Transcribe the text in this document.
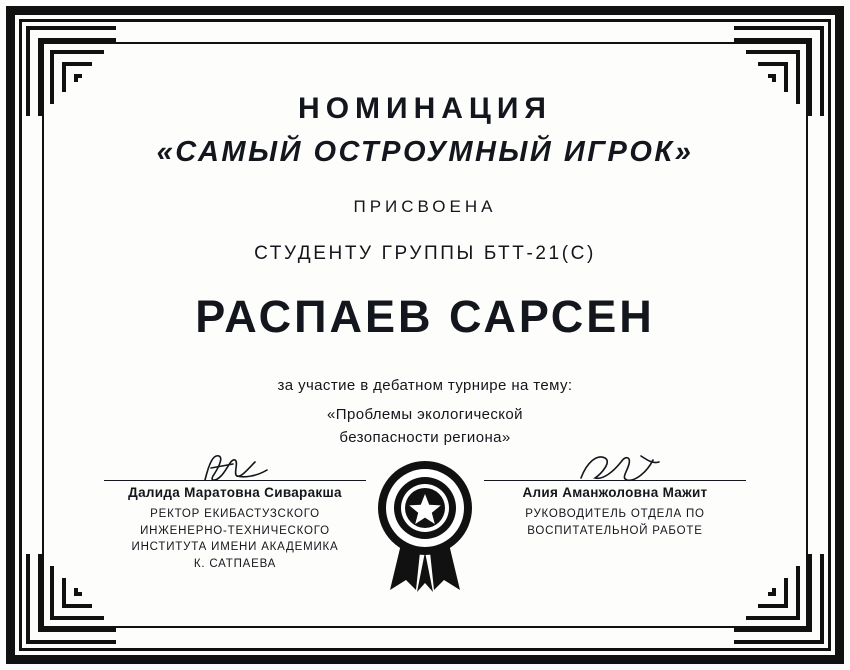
НОМИНАЦИЯ
«САМЫЙ ОСТРОУМНЫЙ ИГРОК»
ПРИСВОЕНА
СТУДЕНТУ ГРУППЫ БТТ-21(С)
РАСПАЕВ САРСЕН
за участие в дебатном турнире на тему:
«Проблемы экологической
безопасности региона»
Далида Маратовна Сиваракша
РЕКТОР ЕКИБАСТУЗСКОГО
ИНЖЕНЕРНО-ТЕХНИЧЕСКОГО
ИНСТИТУТА ИМЕНИ АКАДЕМИКА
К. САТПАЕВА
Алия Аманжоловна Мажит
РУКОВОДИТЕЛЬ ОТДЕЛА ПО
ВОСПИТАТЕЛЬНОЙ РАБОТЕ
